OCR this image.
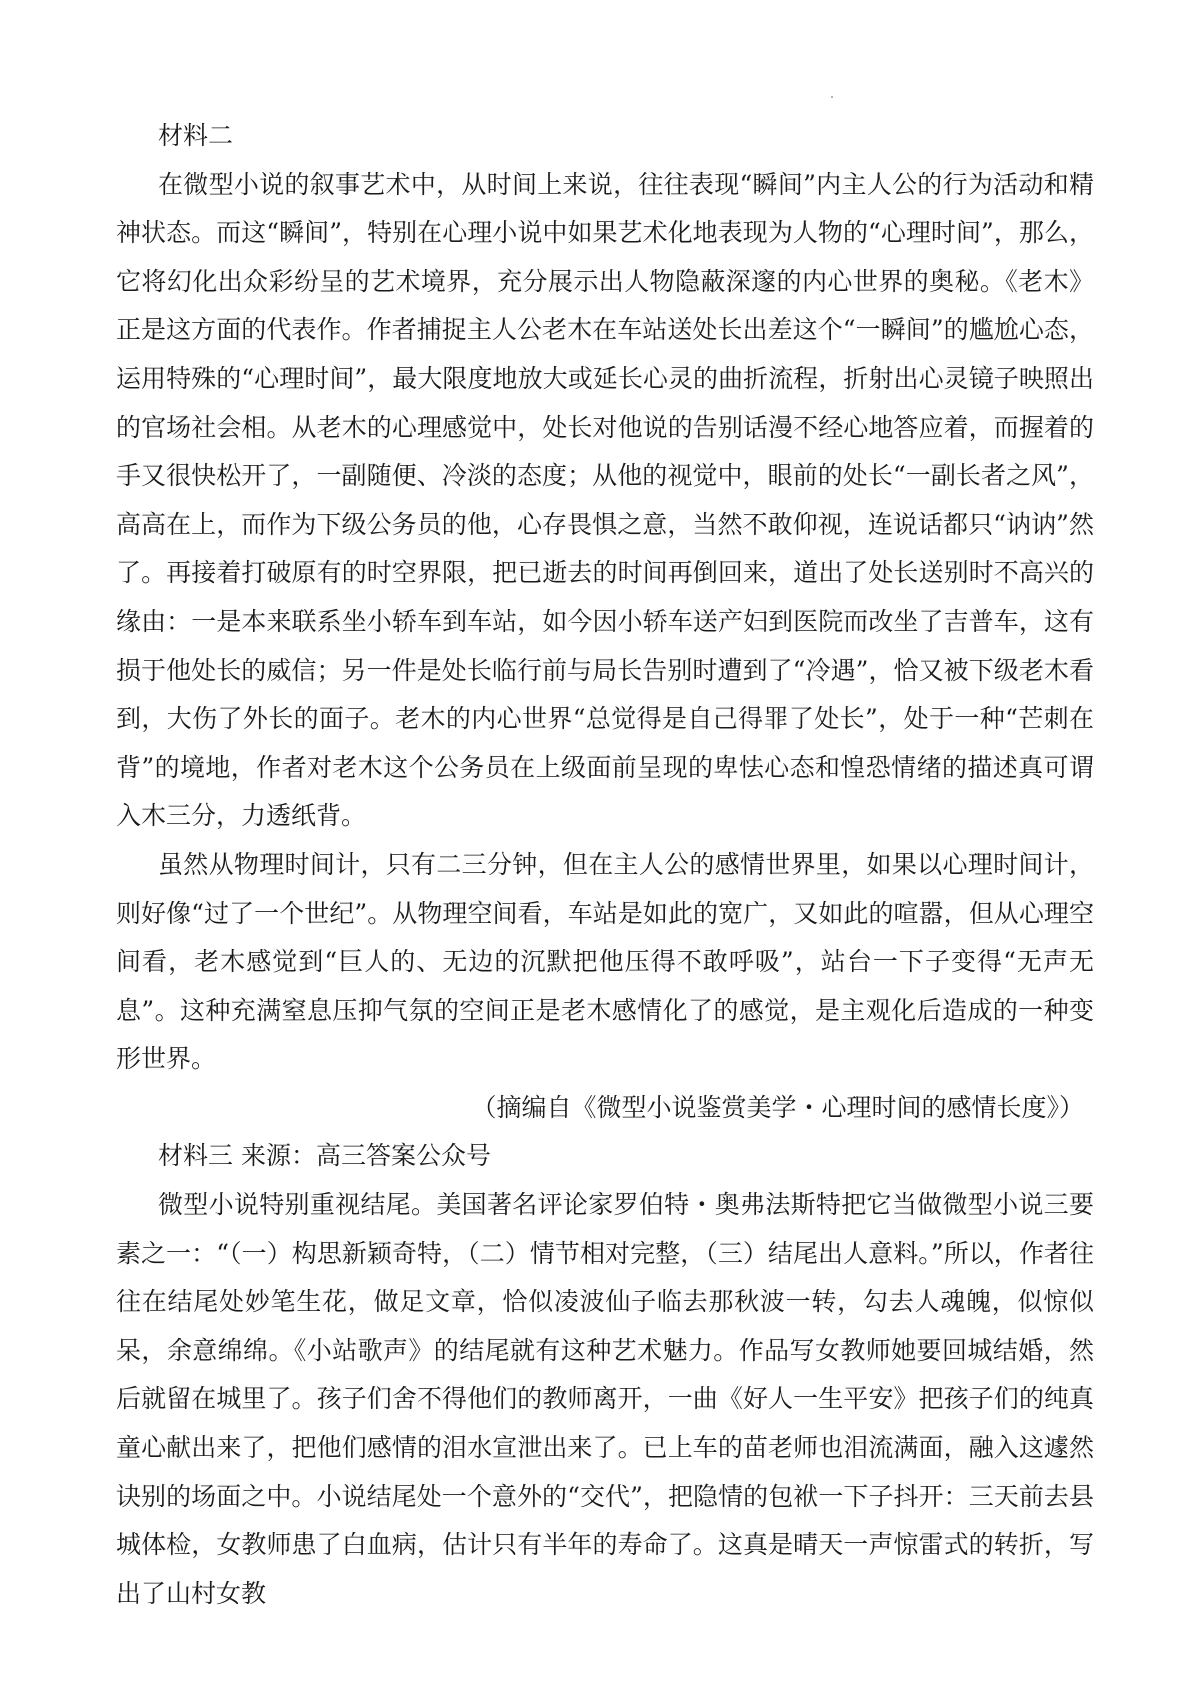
材料二

在微型小说的叙事艺术中，从时间上来说，往往表现“瞬间”内主人公的行为活动和精神状态。而这“瞬间”，特别在心理小说中如果艺术化地表现为人物的“心理时间”，那么，它将幻化出众彩纷呈的艺术境界，充分展示出人物隐蔽深邃的内心世界的奥秘。《老木》正是这方面的代表作。作者捕捉主人公老木在车站送处长出差这个“一瞬间”的尴尬心态，运用特殊的“心理时间”，最大限度地放大或延长心灵的曲折流程，折射出心灵镜子映照出的官场社会相。从老木的心理感觉中，处长对他说的告别话漫不经心地答应着，而握着的手又很快松开了，一副随便、冷淡的态度；从他的视觉中，眼前的处长“一副长者之风”，高高在上，而作为下级公务员的他，心存畏惧之意，当然不敢仰视，连说话都只“讷讷”然了。再接着打破原有的时空界限，把已逝去的时间再倒回来，道出了处长送别时不高兴的缘由：一是本来联系坐小轿车到车站，如今因小轿车送产妇到医院而改坐了吉普车，这有损于他处长的威信；另一件是处长临行前与局长告别时遭到了“冷遇”，恰又被下级老木看到，大伤了外长的面子。老木的内心世界“总觉得是自己得罪了处长”，处于一种“芒刺在背”的境地，作者对老木这个公务员在上级面前呈现的卑怯心态和惶恐情绪的描述真可谓入木三分，力透纸背。

虽然从物理时间计，只有二三分钟，但在主人公的感情世界里，如果以心理时间计，则好像“过了一个世纪”。从物理空间看，车站是如此的宽广，又如此的喧嚣，但从心理空间看，老木感觉到“巨人的、无边的沉默把他压得不敢呼吸”，站台一下子变得“无声无息”。这种充满窒息压抑气氛的空间正是老木感情化了的感觉，是主观化后造成的一种变形世界。

（摘编自《微型小说鉴赏美学・心理时间的感情长度》）

材料三 来源：高三答案公众号

微型小说特别重视结尾。美国著名评论家罗伯特・奥弗法斯特把它当做微型小说三要素之一：“（一）构思新颖奇特，（二）情节相对完整，（三）结尾出人意料。”所以，作者往往在结尾处妙笔生花，做足文章，恰似凌波仙子临去那秋波一转，勾去人魂魄，似惊似呆，余意绵绵。《小站歌声》的结尾就有这种艺术魅力。作品写女教师她要回城结婚，然后就留在城里了。孩子们舍不得他们的教师离开，一曲《好人一生平安》把孩子们的纯真童心献出来了，把他们感情的泪水宣泄出来了。已上车的苗老师也泪流满面，融入这遽然诀别的场面之中。小说结尾处一个意外的“交代”，把隐情的包袱一下子抖开：三天前去县城体检，女教师患了白血病，估计只有半年的寿命了。这真是晴天一声惊雷式的转折，写出了山村女教
